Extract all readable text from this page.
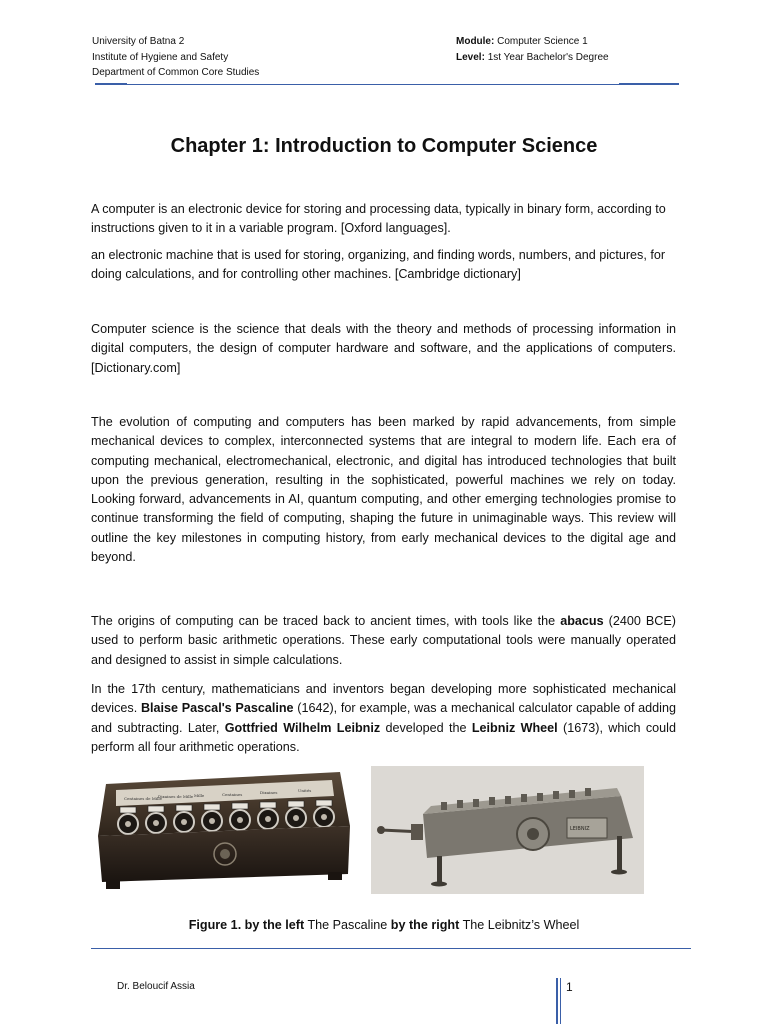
University of Batna 2
Institute of Hygiene and Safety
Department of Common Core Studies
Module: Computer Science 1
Level: 1st Year Bachelor's Degree
Chapter 1: Introduction to Computer Science
A computer is an electronic device for storing and processing data, typically in binary form, according to instructions given to it in a variable program. [Oxford languages].
an electronic machine that is used for storing, organizing, and finding words, numbers, and pictures, for doing calculations, and for controlling other machines. [Cambridge dictionary]
Computer science is the science that deals with the theory and methods of processing information in digital computers, the design of computer hardware and software, and the applications of computers. [Dictionary.com]
The evolution of computing and computers has been marked by rapid advancements, from simple mechanical devices to complex, interconnected systems that are integral to modern life. Each era of computing mechanical, electromechanical, electronic, and digital has introduced technologies that built upon the previous generation, resulting in the sophisticated, powerful machines we rely on today. Looking forward, advancements in AI, quantum computing, and other emerging technologies promise to continue transforming the field of computing, shaping the future in unimaginable ways. This review will outline the key milestones in computing history, from early mechanical devices to the digital age and beyond.
The origins of computing can be traced back to ancient times, with tools like the abacus (2400 BCE) used to perform basic arithmetic operations. These early computational tools were manually operated and designed to assist in simple calculations.
In the 17th century, mathematicians and inventors began developing more sophisticated mechanical devices. Blaise Pascal's Pascaline (1642), for example, was a mechanical calculator capable of adding and subtracting. Later, Gottfried Wilhelm Leibniz developed the Leibniz Wheel (1673), which could perform all four arithmetic operations.
Centaines de Mille
Dixaines de Mille Mille	Centaines	Dixaines	Unités
LEIBNIZ
Figure 1. by the left The Pascaline by the right The Leibnitz’s Wheel
Dr. Beloucif Assia	1
